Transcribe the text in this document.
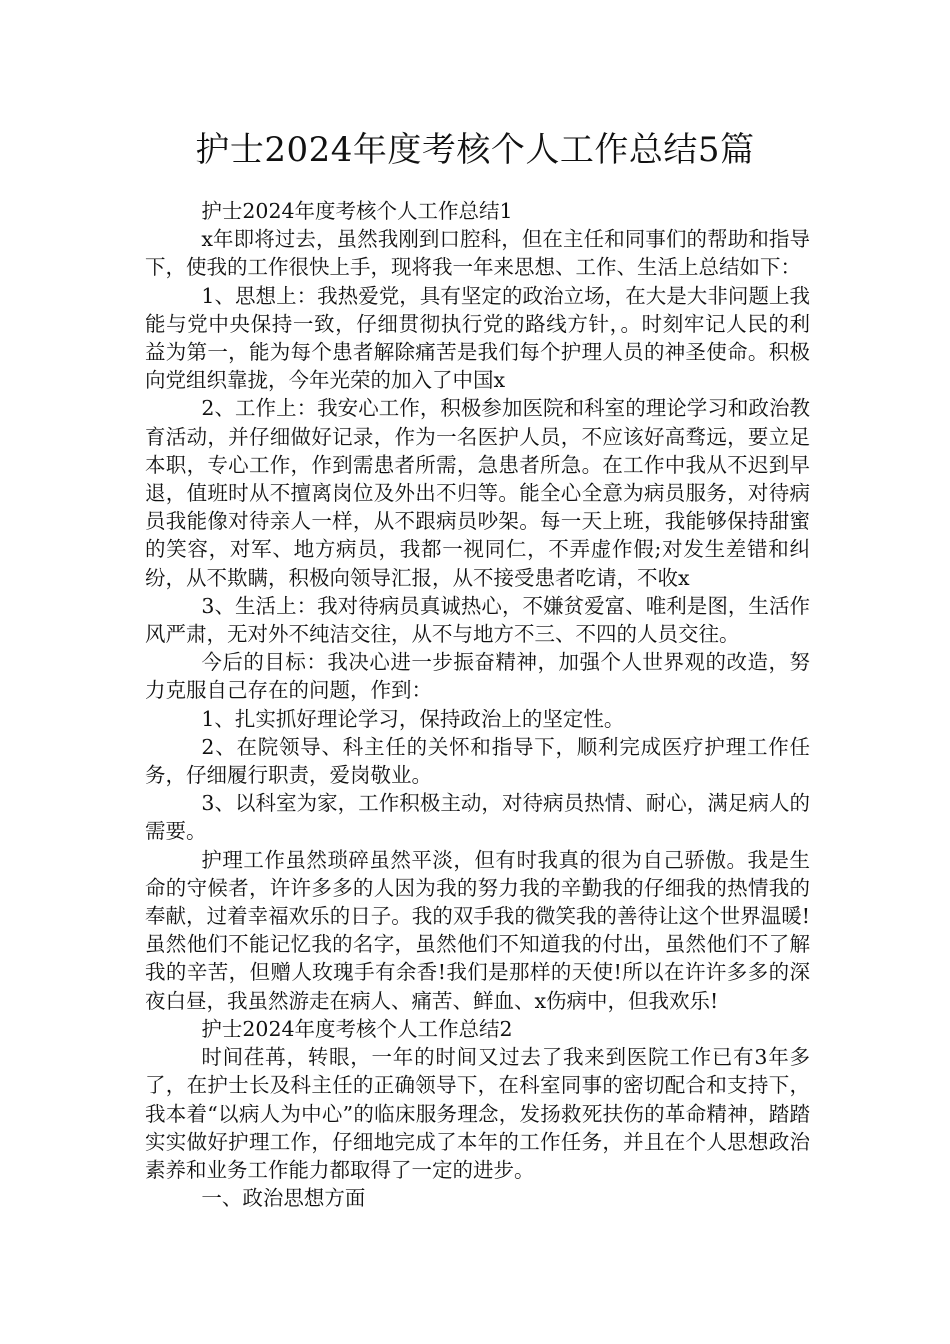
护士2024年度考核个人工作总结5篇

护士2024年度考核个人工作总结1

x年即将过去，虽然我刚到口腔科，但在主任和同事们的帮助和指导下，使我的工作很快上手，现将我一年来思想、工作、生活上总结如下：

1、思想上：我热爱党，具有坚定的政治立场，在大是大非问题上我能与党中央保持一致，仔细贯彻执行党的路线方针，。时刻牢记人民的利益为第一，能为每个患者解除痛苦是我们每个护理人员的神圣使命。积极向党组织靠拢，今年光荣的加入了中国x

2、工作上：我安心工作，积极参加医院和科室的理论学习和政治教育活动，并仔细做好记录，作为一名医护人员，不应该好高骛远，要立足本职，专心工作，作到需患者所需，急患者所急。在工作中我从不迟到早退，值班时从不擅离岗位及外出不归等。能全心全意为病员服务，对待病员我能像对待亲人一样，从不跟病员吵架。每一天上班，我能够保持甜蜜的笑容，对军、地方病员，我都一视同仁，不弄虚作假;对发生差错和纠纷，从不欺瞒，积极向领导汇报，从不接受患者吃请，不收x

3、生活上：我对待病员真诚热心，不嫌贫爱富、唯利是图，生活作风严肃，无对外不纯洁交往，从不与地方不三、不四的人员交往。

今后的目标：我决心进一步振奋精神，加强个人世界观的改造，努力克服自己存在的问题，作到：

1、扎实抓好理论学习，保持政治上的坚定性。

2、在院领导、科主任的关怀和指导下，顺利完成医疗护理工作任务，仔细履行职责，爱岗敬业。

3、以科室为家，工作积极主动，对待病员热情、耐心，满足病人的需要。

护理工作虽然琐碎虽然平淡，但有时我真的很为自己骄傲。我是生命的守候者，许许多多的人因为我的努力我的辛勤我的仔细我的热情我的奉献，过着幸福欢乐的日子。我的双手我的微笑我的善待让这个世界温暖!虽然他们不能记忆我的名字，虽然他们不知道我的付出，虽然他们不了解我的辛苦，但赠人玫瑰手有余香!我们是那样的天使!所以在许许多多的深夜白昼，我虽然游走在病人、痛苦、鲜血、x伤病中，但我欢乐!

护士2024年度考核个人工作总结2

时间荏苒，转眼，一年的时间又过去了我来到医院工作已有3年多了，在护士长及科主任的正确领导下，在科室同事的密切配合和支持下，我本着“以病人为中心”的临床服务理念，发扬救死扶伤的革命精神，踏踏实实做好护理工作，仔细地完成了本年的工作任务，并且在个人思想政治素养和业务工作能力都取得了一定的进步。

一、政治思想方面
